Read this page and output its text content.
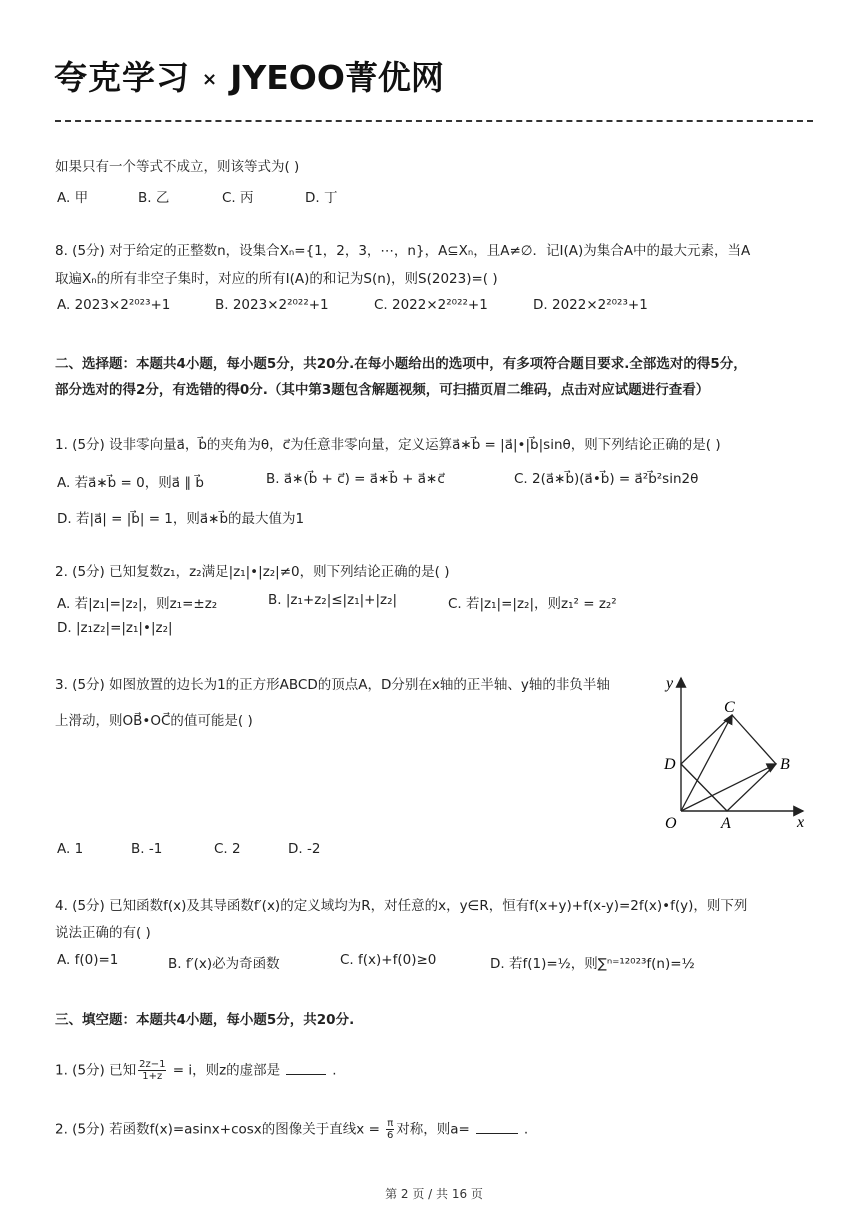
夸克学习 × JYEOO菁优网
如果只有一个等式不成立，则该等式为( )
A. 甲	B. 乙	C. 丙	D. 丁
8. (5分) 对于给定的正整数n，设集合Xₙ={1，2，3，⋯，n}，A⊆Xₙ，且A≠∅．记I(A)为集合A中的最大元素，当A
取遍Xₙ的所有非空子集时，对应的所有I(A)的和记为S(n)，则S(2023)=( )
A. 2023×2²⁰²³+1	B. 2023×2²⁰²²+1	C. 2022×2²⁰²²+1	D. 2022×2²⁰²³+1
二、选择题：本题共4小题，每小题5分，共20分.在每小题给出的选项中，有多项符合题目要求.全部选对的得5分，
部分选对的得2分，有选错的得0分.（其中第3题包含解题视频，可扫描页眉二维码，点击对应试题进行查看）
1. (5分) 设非零向量a⃗，b⃗的夹角为θ，c⃗为任意非零向量，定义运算a⃗∗b⃗ = |a⃗|•|b⃗|sinθ，则下列结论正确的是( )
A. 若a⃗∗b⃗ = 0，则a⃗ ∥ b⃗	B. a⃗∗(b⃗ + c⃗) = a⃗∗b⃗ + a⃗∗c⃗	C. 2(a⃗∗b⃗)(a⃗•b⃗) = a⃗²b⃗²sin2θ
D. 若|a⃗| = |b⃗| = 1，则a⃗∗b⃗的最大值为1
2. (5分) 已知复数z₁，z₂满足|z₁|•|z₂|≠0，则下列结论正确的是( )
A. 若|z₁|=|z₂|，则z₁=±z₂	B. |z₁+z₂|≤|z₁|+|z₂|	C. 若|z₁|=|z₂|，则z₁² = z₂²
D. |z₁z₂|=|z₁|•|z₂|
3. (5分) 如图放置的边长为1的正方形ABCD的顶点A，D分别在x轴的正半轴、y轴的非负半轴
上滑动，则OB⃗•OC⃗的值可能是( )
y
x
O	A
B
C
D
A. 1	B. -1	C. 2	D. -2
4. (5分) 已知函数f(x)及其导函数f′(x)的定义域均为R，对任意的x，y∈R，恒有f(x+y)+f(x-y)=2f(x)•f(y)，则下列
说法正确的有( )
A. f(0)=1	B. f′(x)必为奇函数	C. f(x)+f(0)≥0	D. 若f(1)=½，则∑ⁿ⁼¹²⁰²³f(n)=½
三、填空题：本题共4小题，每小题5分，共20分.
1. (5分) 已知 $\frac{2z-1}{1+z} = i$，则z的虚部是	.
2. (5分) 若函数f(x)=asinx+cosx的图像关于直线$x = \frac{\pi}{6}$ 对称，则a=	.
第 2 页 / 共 16 页
